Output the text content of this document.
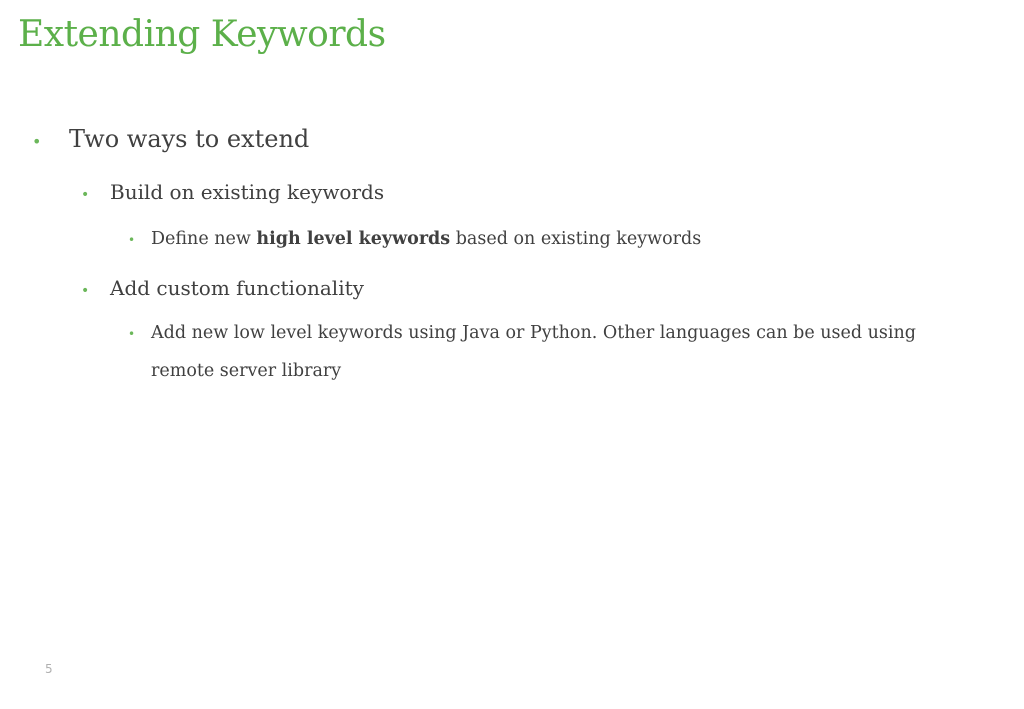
Extending Keywords
•	Two ways to extend
•	Build on existing keywords
• Define new high level keywords based on existing keywords
•	Add custom functionality
• Add new low level keywords using Java or Python. Other languages can be used using remote server library
5
